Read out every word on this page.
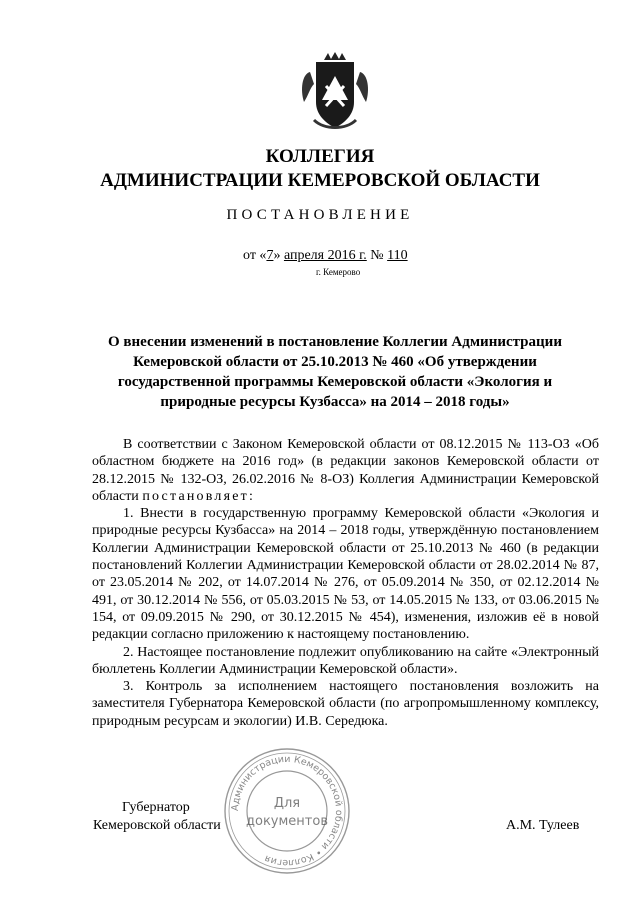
КОЛЛЕГИЯ
АДМИНИСТРАЦИИ КЕМЕРОВСКОЙ ОБЛАСТИ
ПОСТАНОВЛЕНИЕ
от «7» апреля 2016 г. № 110
г. Кемерово
О внесении изменений в постановление Коллегии Администрации Кемеровской области от 25.10.2013 № 460 «Об утверждении государственной программы Кемеровской области «Экология и природные ресурсы Кузбасса» на 2014 – 2018 годы»

В соответствии с Законом Кемеровской области от 08.12.2015 № 113-ОЗ «Об областном бюджете на 2016 год» (в редакции законов Кемеровской области от 28.12.2015 № 132-ОЗ, 26.02.2016 № 8-ОЗ) Коллегия Администрации Кемеровской области постановляет:

1. Внести в государственную программу Кемеровской области «Экология и природные ресурсы Кузбасса» на 2014 – 2018 годы, утверждённую постановлением Коллегии Администрации Кемеровской области от 25.10.2013 № 460 (в редакции постановлений Коллегии Администрации Кемеровской области от 28.02.2014 № 87, от 23.05.2014 № 202, от 14.07.2014 № 276, от 05.09.2014 № 350, от 02.12.2014 № 491, от 30.12.2014 № 556, от 05.03.2015 № 53, от 14.05.2015 № 133, от 03.06.2015 № 154, от 09.09.2015 № 290, от 30.12.2015 № 454), изменения, изложив её в новой редакции согласно приложению к настоящему постановлению.

2. Настоящее постановление подлежит опубликованию на сайте «Электронный бюллетень Коллегии Администрации Кемеровской области».

3. Контроль за исполнением настоящего постановления возложить на заместителя Губернатора Кемеровской области (по агропромышленному комплексу, природным ресурсам и экологии) И.В. Середюка.

Губернатор
Кемеровской области	А.М. Тулеев
Администрации Кемеровской области • Коллегия
Для
документов
